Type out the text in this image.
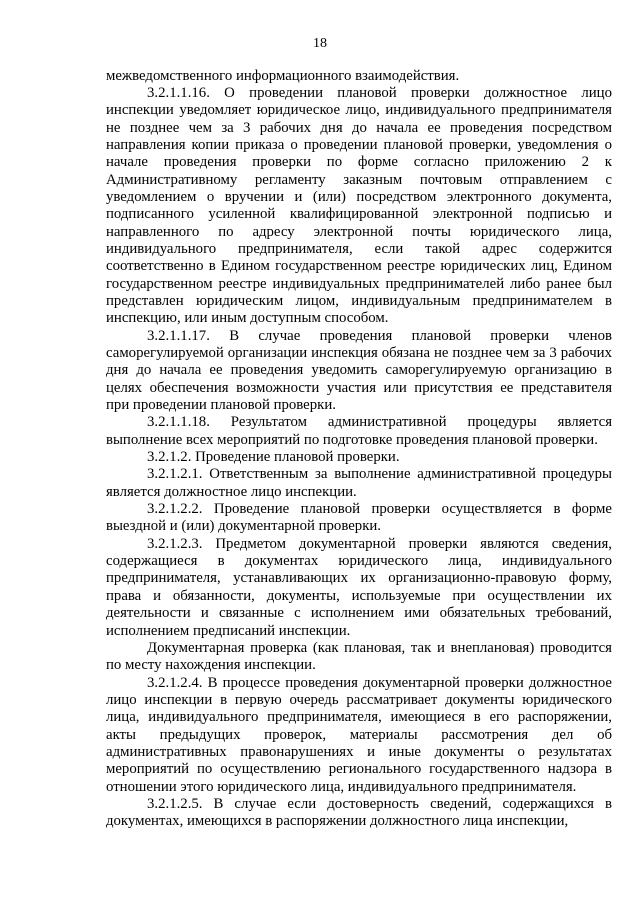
18

межведомственного информационного взаимодействия.

3.2.1.1.16. О проведении плановой проверки должностное лицо инспекции уведомляет юридическое лицо, индивидуального предпринимателя не позднее чем за 3 рабочих дня до начала ее проведения посредством направления копии приказа о проведении плановой проверки, уведомления о начале проведения проверки по форме согласно приложению 2 к Административному регламенту заказным почтовым отправлением с уведомлением о вручении и (или) посредством электронного документа, подписанного усиленной квалифицированной электронной подписью и направленного по адресу электронной почты юридического лица, индивидуального предпринимателя, если такой адрес содержится соответственно в Едином государственном реестре юридических лиц, Едином государственном реестре индивидуальных предпринимателей либо ранее был представлен юридическим лицом, индивидуальным предпринимателем в инспекцию, или иным доступным способом.

3.2.1.1.17. В случае проведения плановой проверки членов саморегулируемой организации инспекция обязана не позднее чем за 3 рабочих дня до начала ее проведения уведомить саморегулируемую организацию в целях обеспечения возможности участия или присутствия ее представителя при проведении плановой проверки.

3.2.1.1.18. Результатом административной процедуры является выполнение всех мероприятий по подготовке проведения плановой проверки.

3.2.1.2. Проведение плановой проверки.

3.2.1.2.1. Ответственным за выполнение административной процедуры является должностное лицо инспекции.

3.2.1.2.2. Проведение плановой проверки осуществляется в форме выездной и (или) документарной проверки.

3.2.1.2.3. Предметом документарной проверки являются сведения, содержащиеся в документах юридического лица, индивидуального предпринимателя, устанавливающих их организационно-правовую форму, права и обязанности, документы, используемые при осуществлении их деятельности и связанные с исполнением ими обязательных требований, исполнением предписаний инспекции.

Документарная проверка (как плановая, так и внеплановая) проводится по месту нахождения инспекции.

3.2.1.2.4. В процессе проведения документарной проверки должностное лицо инспекции в первую очередь рассматривает документы юридического лица, индивидуального предпринимателя, имеющиеся в его распоряжении, акты предыдущих проверок, материалы рассмотрения дел об административных правонарушениях и иные документы о результатах мероприятий по осуществлению регионального государственного надзора в отношении этого юридического лица, индивидуального предпринимателя.

3.2.1.2.5. В случае если достоверность сведений, содержащихся в документах, имеющихся в распоряжении должностного лица инспекции,
